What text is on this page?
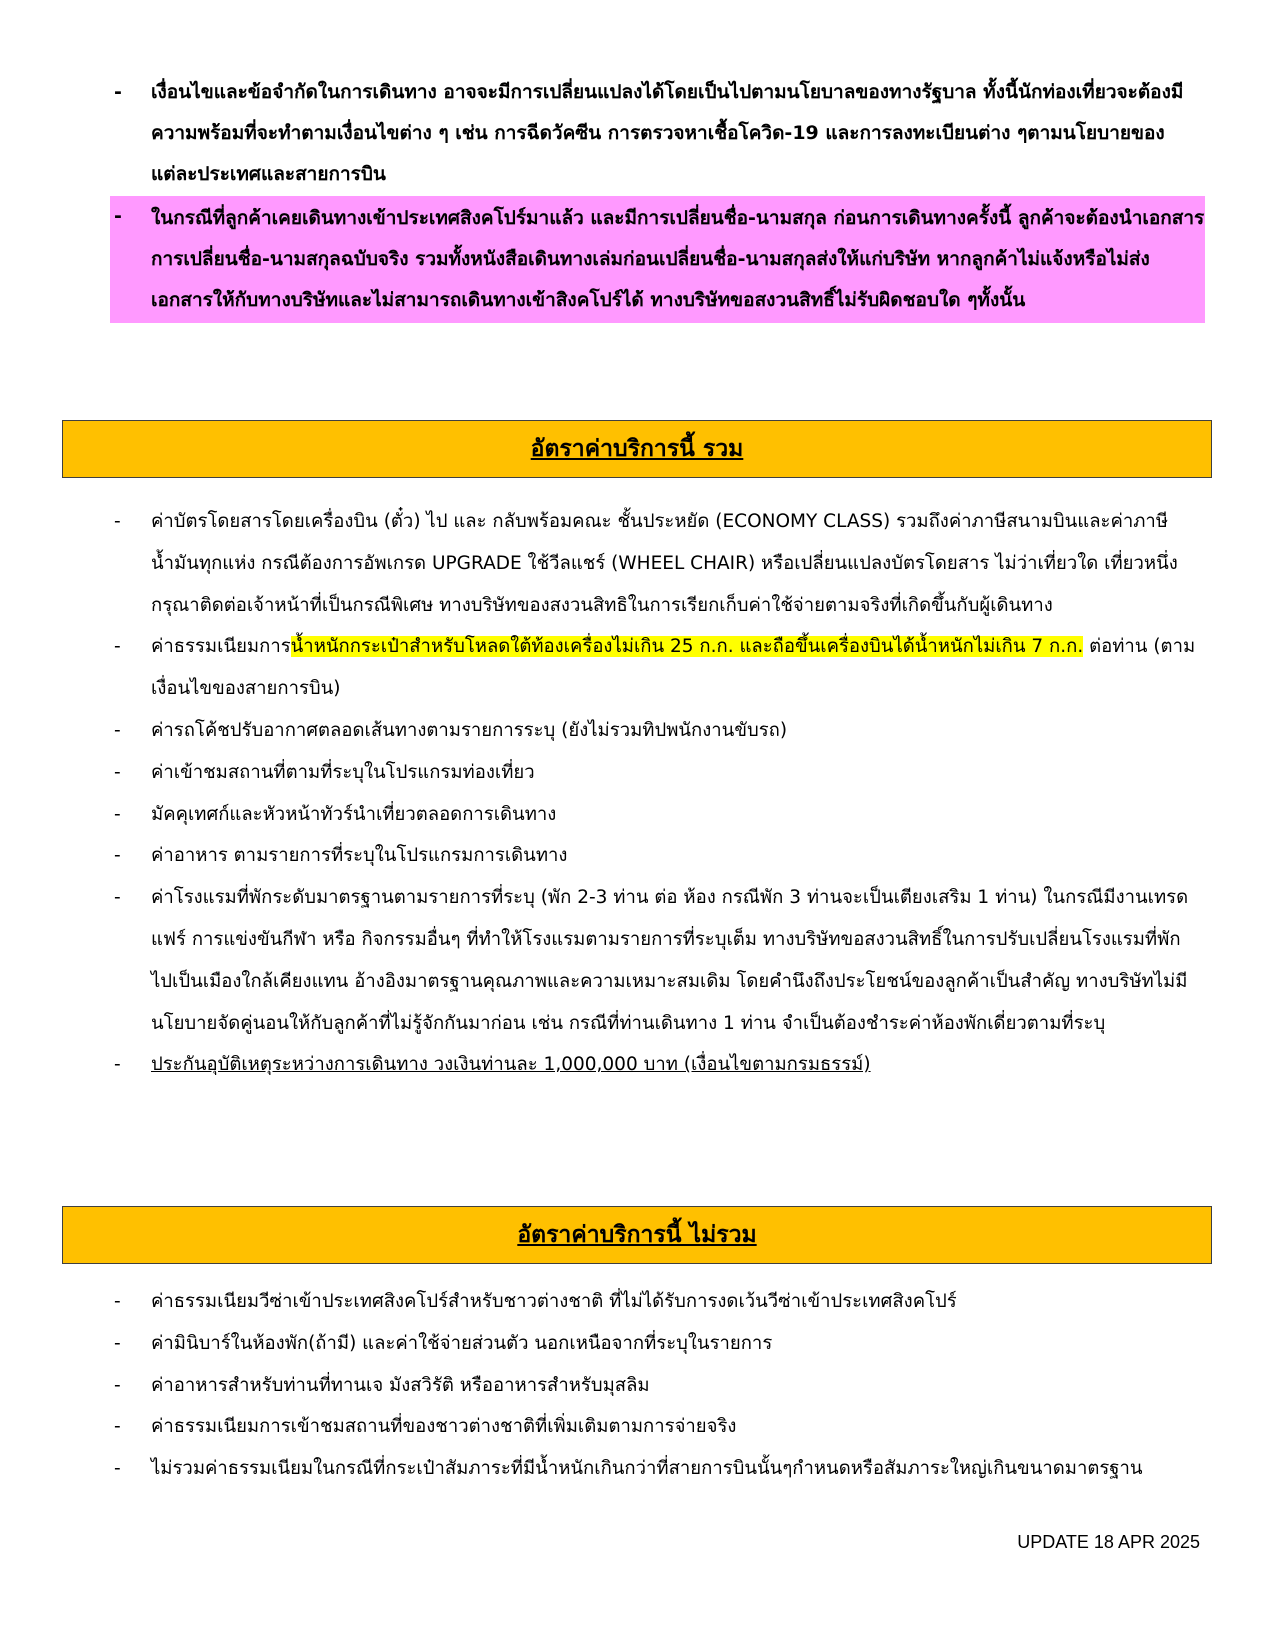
- เงื่อนไขและข้อจำกัดในการเดินทาง อาจจะมีการเปลี่ยนแปลงได้โดยเป็นไปตามนโยบาลของทางรัฐบาล ทั้งนี้นักท่องเที่ยวจะต้องมีความพร้อมที่จะทำตามเงื่อนไขต่าง ๆ เช่น การฉีดวัคซีน การตรวจหาเชื้อโควิด-19 และการลงทะเบียนต่าง ๆตามนโยบายของแต่ละประเทศและสายการบิน
- ในกรณีที่ลูกค้าเคยเดินทางเข้าประเทศสิงคโปร์มาแล้ว และมีการเปลี่ยนชื่อ-นามสกุล ก่อนการเดินทางครั้งนี้ ลูกค้าจะต้องนำเอกสารการเปลี่ยนชื่อ-นามสกุลฉบับจริง รวมทั้งหนังสือเดินทางเล่มก่อนเปลี่ยนชื่อ-นามสกุลส่งให้แก่บริษัท หากลูกค้าไม่แจ้งหรือไม่ส่งเอกสารให้กับทางบริษัทและไม่สามารถเดินทางเข้าสิงคโปร์ได้ ทางบริษัทขอสงวนสิทธิ์ไม่รับผิดชอบใด ๆทั้งนั้น
อัตราค่าบริการนี้ รวม
- ค่าบัตรโดยสารโดยเครื่องบิน (ตั๋ว) ไป และ กลับพร้อมคณะ ชั้นประหยัด (ECONOMY CLASS) รวมถึงค่าภาษีสนามบินและค่าภาษีน้ำมันทุกแห่ง กรณีต้องการอัพเกรด UPGRADE ใช้วีลแชร์ (WHEEL CHAIR) หรือเปลี่ยนแปลงบัตรโดยสาร ไม่ว่าเที่ยวใด เที่ยวหนึ่ง กรุณาติดต่อเจ้าหน้าที่เป็นกรณีพิเศษ ทางบริษัทของสงวนสิทธิในการเรียกเก็บค่าใช้จ่ายตามจริงที่เกิดขึ้นกับผู้เดินทาง
- ค่าธรรมเนียมการน้ำหนักกระเป๋าสำหรับโหลดใต้ท้องเครื่องไม่เกิน 25 ก.ก. และถือขึ้นเครื่องบินได้น้ำหนักไม่เกิน 7 ก.ก. ต่อท่าน (ตามเงื่อนไขของสายการบิน)
- ค่ารถโค้ชปรับอากาศตลอดเส้นทางตามรายการระบุ (ยังไม่รวมทิปพนักงานขับรถ)
- ค่าเข้าชมสถานที่ตามที่ระบุในโปรแกรมท่องเที่ยว
- มัคคุเทศก์และหัวหน้าทัวร์นำเที่ยวตลอดการเดินทาง
- ค่าอาหาร ตามรายการที่ระบุในโปรแกรมการเดินทาง
- ค่าโรงแรมที่พักระดับมาตรฐานตามรายการที่ระบุ (พัก 2-3 ท่าน ต่อ ห้อง กรณีพัก 3 ท่านจะเป็นเตียงเสริม 1 ท่าน) ในกรณีมีงานเทรดแฟร์ การแข่งขันกีฬา หรือ กิจกรรมอื่นๆ ที่ทำให้โรงแรมตามรายการที่ระบุเต็ม ทางบริษัทขอสงวนสิทธิ์ในการปรับเปลี่ยนโรงแรมที่พัก ไปเป็นเมืองใกล้เคียงแทน อ้างอิงมาตรฐานคุณภาพและความเหมาะสมเดิม โดยคำนึงถึงประโยชน์ของลูกค้าเป็นสำคัญ ทางบริษัทไม่มีนโยบายจัดคู่นอนให้กับลูกค้าที่ไม่รู้จักกันมาก่อน เช่น กรณีที่ท่านเดินทาง 1 ท่าน จำเป็นต้องชำระค่าห้องพักเดี่ยวตามที่ระบุ
- ประกันอุบัติเหตุระหว่างการเดินทาง วงเงินท่านละ 1,000,000 บาท (เงื่อนไขตามกรมธรรม์)
อัตราค่าบริการนี้ ไม่รวม
- ค่าธรรมเนียมวีซ่าเข้าประเทศสิงคโปร์สำหรับชาวต่างชาติ ที่ไม่ได้รับการงดเว้นวีซ่าเข้าประเทศสิงคโปร์
- ค่ามินิบาร์ในห้องพัก(ถ้ามี) และค่าใช้จ่ายส่วนตัว นอกเหนือจากที่ระบุในรายการ
- ค่าอาหารสำหรับท่านที่ทานเจ มังสวิรัติ หรืออาหารสำหรับมุสลิม
- ค่าธรรมเนียมการเข้าชมสถานที่ของชาวต่างชาติที่เพิ่มเติมตามการจ่ายจริง
- ไม่รวมค่าธรรมเนียมในกรณีที่กระเป๋าสัมภาระที่มีน้ำหนักเกินกว่าที่สายการบินนั้นๆกำหนดหรือสัมภาระใหญ่เกินขนาดมาตรฐาน
UPDATE 18 APR 2025
